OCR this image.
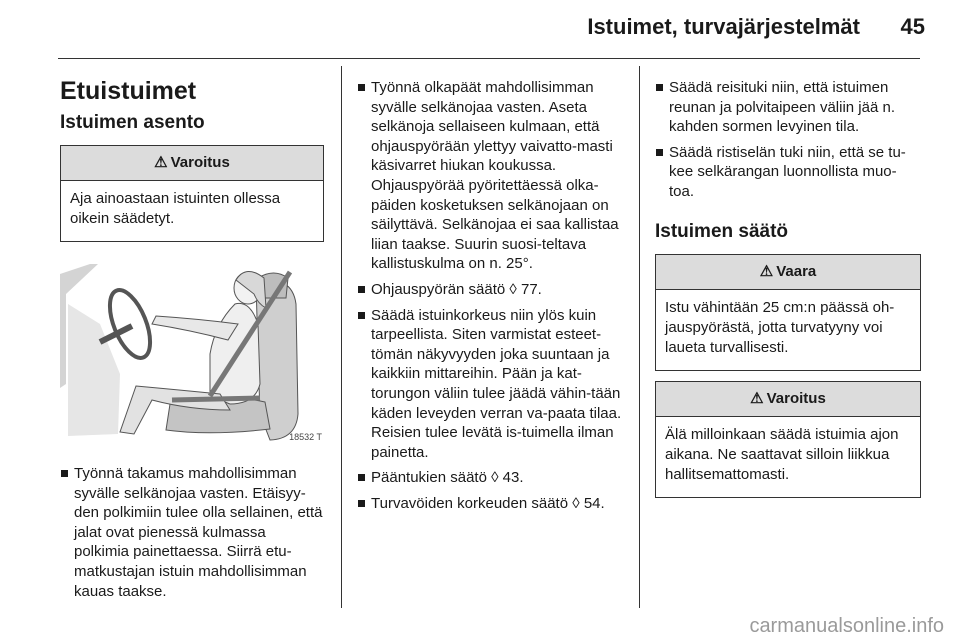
Istuimet, turvajärjestelmät	45
Etuistuimet
Istuimen asento
⚠ Varoitus
Aja ainoastaan istuinten ollessa oikein säädetyt.
18532 T
Työnnä takamus mahdollisimman syvälle selkänojaa vasten. Etäisyy-den polkimiin tulee olla sellainen, että jalat ovat pienessä kulmassa polkimia painettaessa. Siirrä etu-matkustajan istuin mahdollisimman kauas taakse.
Työnnä olkapäät mahdollisimman syvälle selkänojaa vasten. Aseta selkänoja sellaiseen kulmaan, että ohjauspyörään ylettyy vaivatto-masti käsivarret hiukan koukussa. Ohjauspyörää pyöritettäessä olka-päiden kosketuksen selkänojaan on säilyttävä. Selkänojaa ei saa kallistaa liian taakse. Suurin suosi-teltava kallistuskulma on n. 25°.
Ohjauspyörän säätö ◊ 77.
Säädä istuinkorkeus niin ylös kuin tarpeellista. Siten varmistat esteet-tömän näkyvyyden joka suuntaan ja kaikkiin mittareihin. Pään ja kat-torungon väliin tulee jäädä vähin-tään käden leveyden verran va-paata tilaa. Reisien tulee levätä is-tuimella ilman painetta.
Pääntukien säätö ◊ 43.
Turvavöiden korkeuden säätö ◊ 54.
Säädä reisituki niin, että istuimen reunan ja polvitaipeen väliin jää n. kahden sormen levyinen tila.
Säädä ristiselän tuki niin, että se tu-kee selkärangan luonnollista muo-toa.
Istuimen säätö
⚠ Vaara
Istu vähintään 25 cm:n päässä oh-jauspyörästä, jotta turvatyyny voi laueta turvallisesti.
⚠ Varoitus
Älä milloinkaan säädä istuimia ajon aikana. Ne saattavat silloin liikkua hallitsemattomasti.
carmanualsonline.info
